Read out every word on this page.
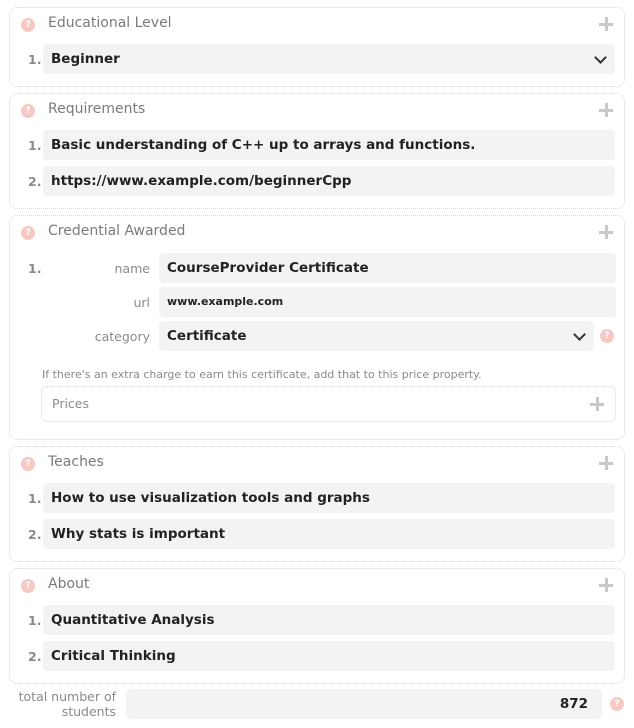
?	Educational Level
1. Beginner
?	Requirements
1. Basic understanding of C++ up to arrays and functions.
2. https://www.example.com/beginnerCpp
?	Credential Awarded
1.	name	CourseProvider Certificate
url	www.example.com
category	Certificate	?
If there's an extra charge to earn this certificate, add that to this price property.
Prices
?	Teaches
1. How to use visualization tools and graphs
2. Why stats is important
?	About
1. Quantitative Analysis
2. Critical Thinking
total number of
students	872	?
